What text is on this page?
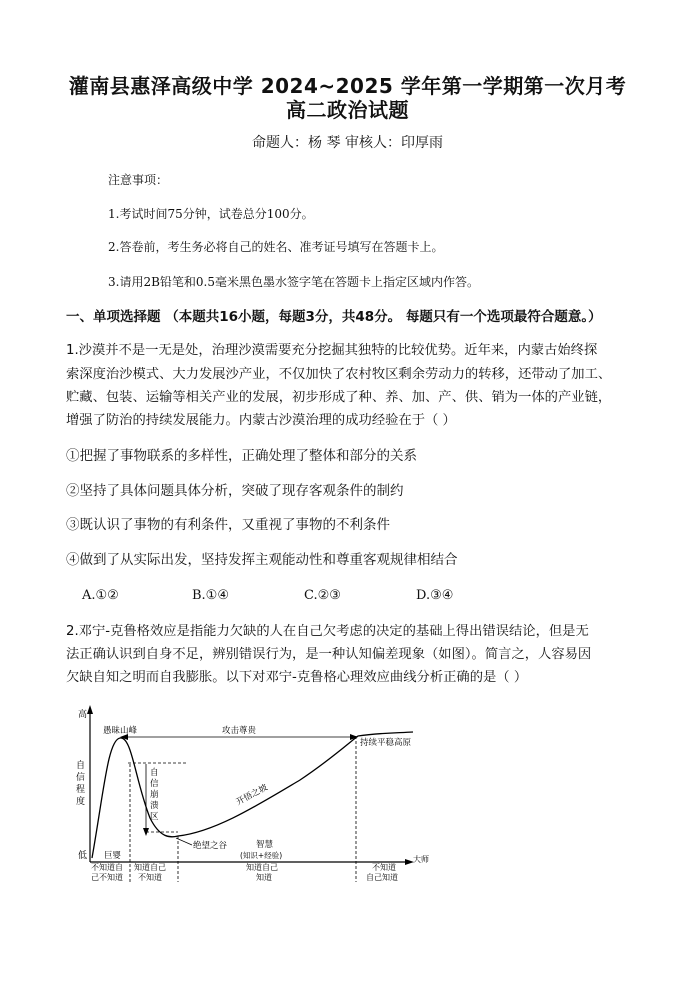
灌南县惠泽高级中学 2024~2025 学年第一学期第一次月考
高二政治试题
命题人：杨 琴 审核人：印厚雨
注意事项：
1.考试时间75分钟，试卷总分100分。
2.答卷前，考生务必将自己的姓名、准考证号填写在答题卡上。
3.请用2B铅笔和0.5毫米黑色墨水签字笔在答题卡上指定区域内作答。
一、单项选择题 （本题共16小题，每题3分，共48分。 每题只有一个选项最符合题意。）
1.沙漠并不是一无是处，治理沙漠需要充分挖掘其独特的比较优势。近年来，内蒙古始终探
索深度治沙模式、大力发展沙产业，不仅加快了农村牧区剩余劳动力的转移，还带动了加工、
贮藏、包装、运输等相关产业的发展，初步形成了种、养、加、产、供、销为一体的产业链，
增强了防治的持续发展能力。内蒙古沙漠治理的成功经验在于（ ）
①把握了事物联系的多样性，正确处理了整体和部分的关系
②坚持了具体问题具体分析，突破了现存客观条件的制约
③既认识了事物的有利条件，又重视了事物的不利条件
④做到了从实际出发，坚持发挥主观能动性和尊重客观规律相结合
A.①②	B.①④	C.②③	D.③④
2.邓宁-克鲁格效应是指能力欠缺的人在自己欠考虑的决定的基础上得出错误结论，但是无
法正确认识到自身不足，辨别错误行为，是一种认知偏差现象（如图）。简言之，人容易因
欠缺自知之明而自我膨胀。以下对邓宁-克鲁格心理效应曲线分析正确的是（ ）
高
低
自
信
程
度
愚昧山峰	攻击尊贵
持续平稳高原
自
信
崩
溃
区
开悟之坡
绝望之谷	智慧
(知识+经验)
巨婴	大师
不知道自
己不知道
知道自己
不知道
知道自己
知道
不知道
自己知道
